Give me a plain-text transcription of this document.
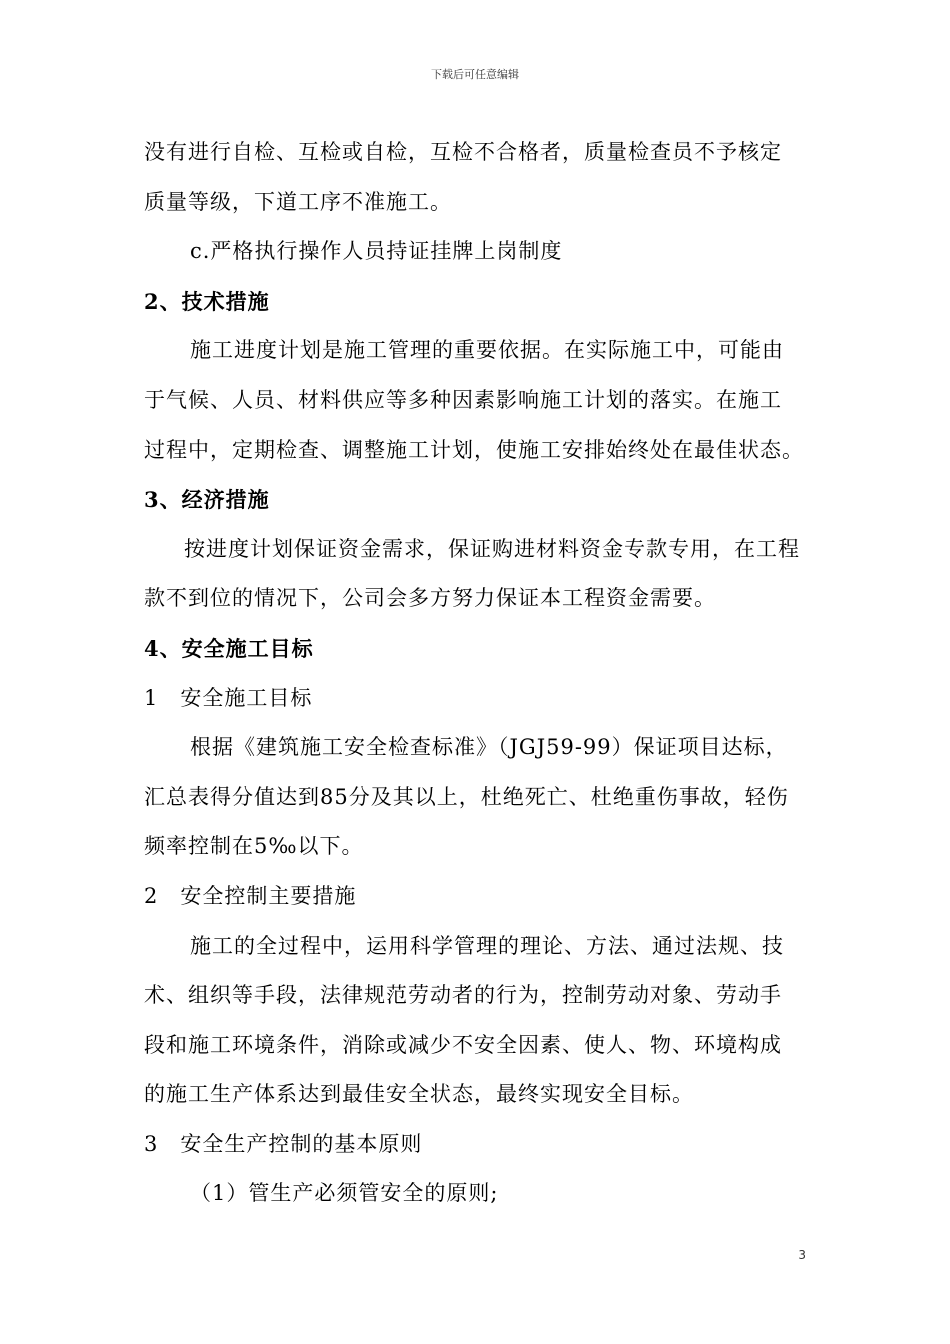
下载后可任意编辑
没有进行自检、互检或自检，互检不合格者，质量检查员不予核定
质量等级，下道工序不准施工。
c.严格执行操作人员持证挂牌上岗制度
2、技术措施
施工进度计划是施工管理的重要依据。在实际施工中，可能由
于气候、人员、材料供应等多种因素影响施工计划的落实。在施工
过程中，定期检查、调整施工计划，使施工安排始终处在最佳状态。
3、经济措施
按进度计划保证资金需求，保证购进材料资金专款专用，在工程
款不到位的情况下，公司会多方努力保证本工程资金需要。
4、安全施工目标
1　安全施工目标
根据《建筑施工安全检查标准》（JGJ59-99）保证项目达标，
汇总表得分值达到85分及其以上，杜绝死亡、杜绝重伤事故，轻伤
频率控制在5‰以下。
2　安全控制主要措施
施工的全过程中，运用科学管理的理论、方法、通过法规、技
术、组织等手段，法律规范劳动者的行为，控制劳动对象、劳动手
段和施工环境条件，消除或减少不安全因素、使人、物、环境构成
的施工生产体系达到最佳安全状态，最终实现安全目标。
3　安全生产控制的基本原则
（1）管生产必须管安全的原则;
3
